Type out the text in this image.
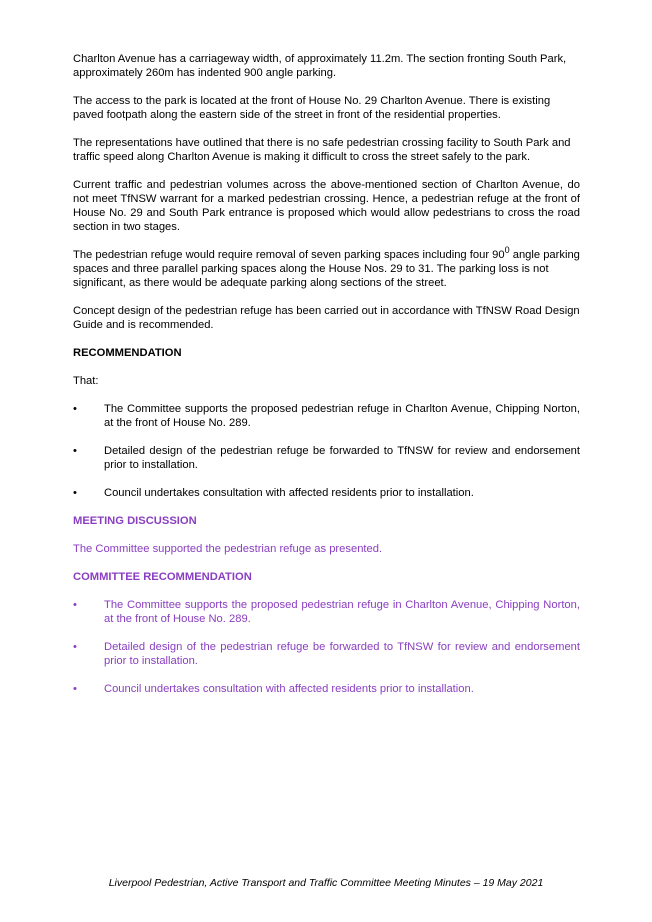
Charlton Avenue has a carriageway width, of approximately 11.2m. The section fronting South Park, approximately 260m has indented 900 angle parking.

The access to the park is located at the front of House No. 29 Charlton Avenue. There is existing paved footpath along the eastern side of the street in front of the residential properties.

The representations have outlined that there is no safe pedestrian crossing facility to South Park and traffic speed along Charlton Avenue is making it difficult to cross the street safely to the park.

Current traffic and pedestrian volumes across the above-mentioned section of Charlton Avenue, do not meet TfNSW warrant for a marked pedestrian crossing. Hence, a pedestrian refuge at the front of House No. 29 and South Park entrance is proposed which would allow pedestrians to cross the road section in two stages.

The pedestrian refuge would require removal of seven parking spaces including four $90^0$ angle parking spaces and three parallel parking spaces along the House Nos. 29 to 31. The parking loss is not significant, as there would be adequate parking along sections of the street.

Concept design of the pedestrian refuge has been carried out in accordance with TfNSW Road Design Guide and is recommended.

RECOMMENDATION

That:

• The Committee supports the proposed pedestrian refuge in Charlton Avenue, Chipping Norton, at the front of House No. 289.
• Detailed design of the pedestrian refuge be forwarded to TfNSW for review and endorsement prior to installation.
• Council undertakes consultation with affected residents prior to installation.
MEETING DISCUSSION

The Committee supported the pedestrian refuge as presented.

COMMITTEE RECOMMENDATION
• The Committee supports the proposed pedestrian refuge in Charlton Avenue, Chipping Norton, at the front of House No. 289.
• Detailed design of the pedestrian refuge be forwarded to TfNSW for review and endorsement prior to installation.
• Council undertakes consultation with affected residents prior to installation.
Liverpool Pedestrian, Active Transport and Traffic Committee Meeting Minutes – 19 May 2021
